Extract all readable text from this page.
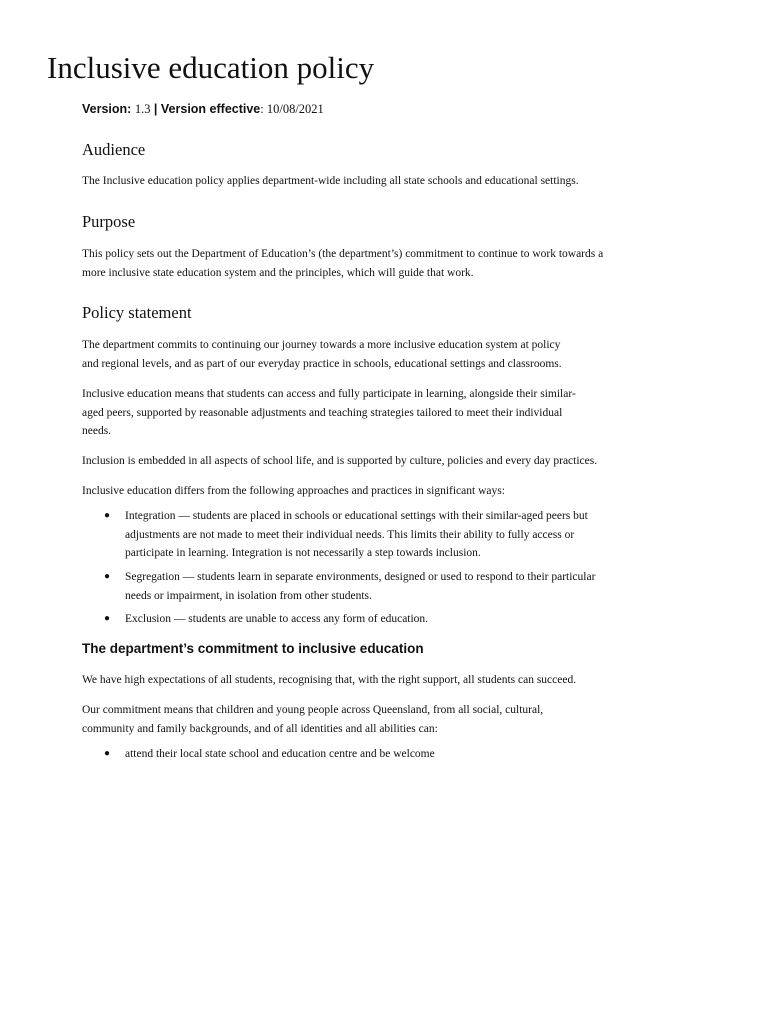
Inclusive education policy

Version: 1.3 | Version effective: 10/08/2021

Audience

The Inclusive education policy applies department-wide including all state schools and educational settings.

Purpose

This policy sets out the Department of Education’s (the department’s) commitment to continue to work towards a
more inclusive state education system and the principles, which will guide that work.

Policy statement

The department commits to continuing our journey towards a more inclusive education system at policy
and regional levels, and as part of our everyday practice in schools, educational settings and classrooms.

Inclusive education means that students can access and fully participate in learning, alongside their similar-
aged peers, supported by reasonable adjustments and teaching strategies tailored to meet their individual
needs.

Inclusion is embedded in all aspects of school life, and is supported by culture, policies and every day practices.

Inclusive education differs from the following approaches and practices in significant ways:

● Integration — students are placed in schools or educational settings with their similar-aged peers but
adjustments are not made to meet their individual needs. This limits their ability to fully access or
participate in learning. Integration is not necessarily a step towards inclusion.
● Segregation — students learn in separate environments, designed or used to respond to their particular
needs or impairment, in isolation from other students.
● Exclusion — students are unable to access any form of education.
The department’s commitment to inclusive education

We have high expectations of all students, recognising that, with the right support, all students can succeed.

Our commitment means that children and young people across Queensland, from all social, cultural,
community and family backgrounds, and of all identities and all abilities can:

● attend their local state school and education centre and be welcome
